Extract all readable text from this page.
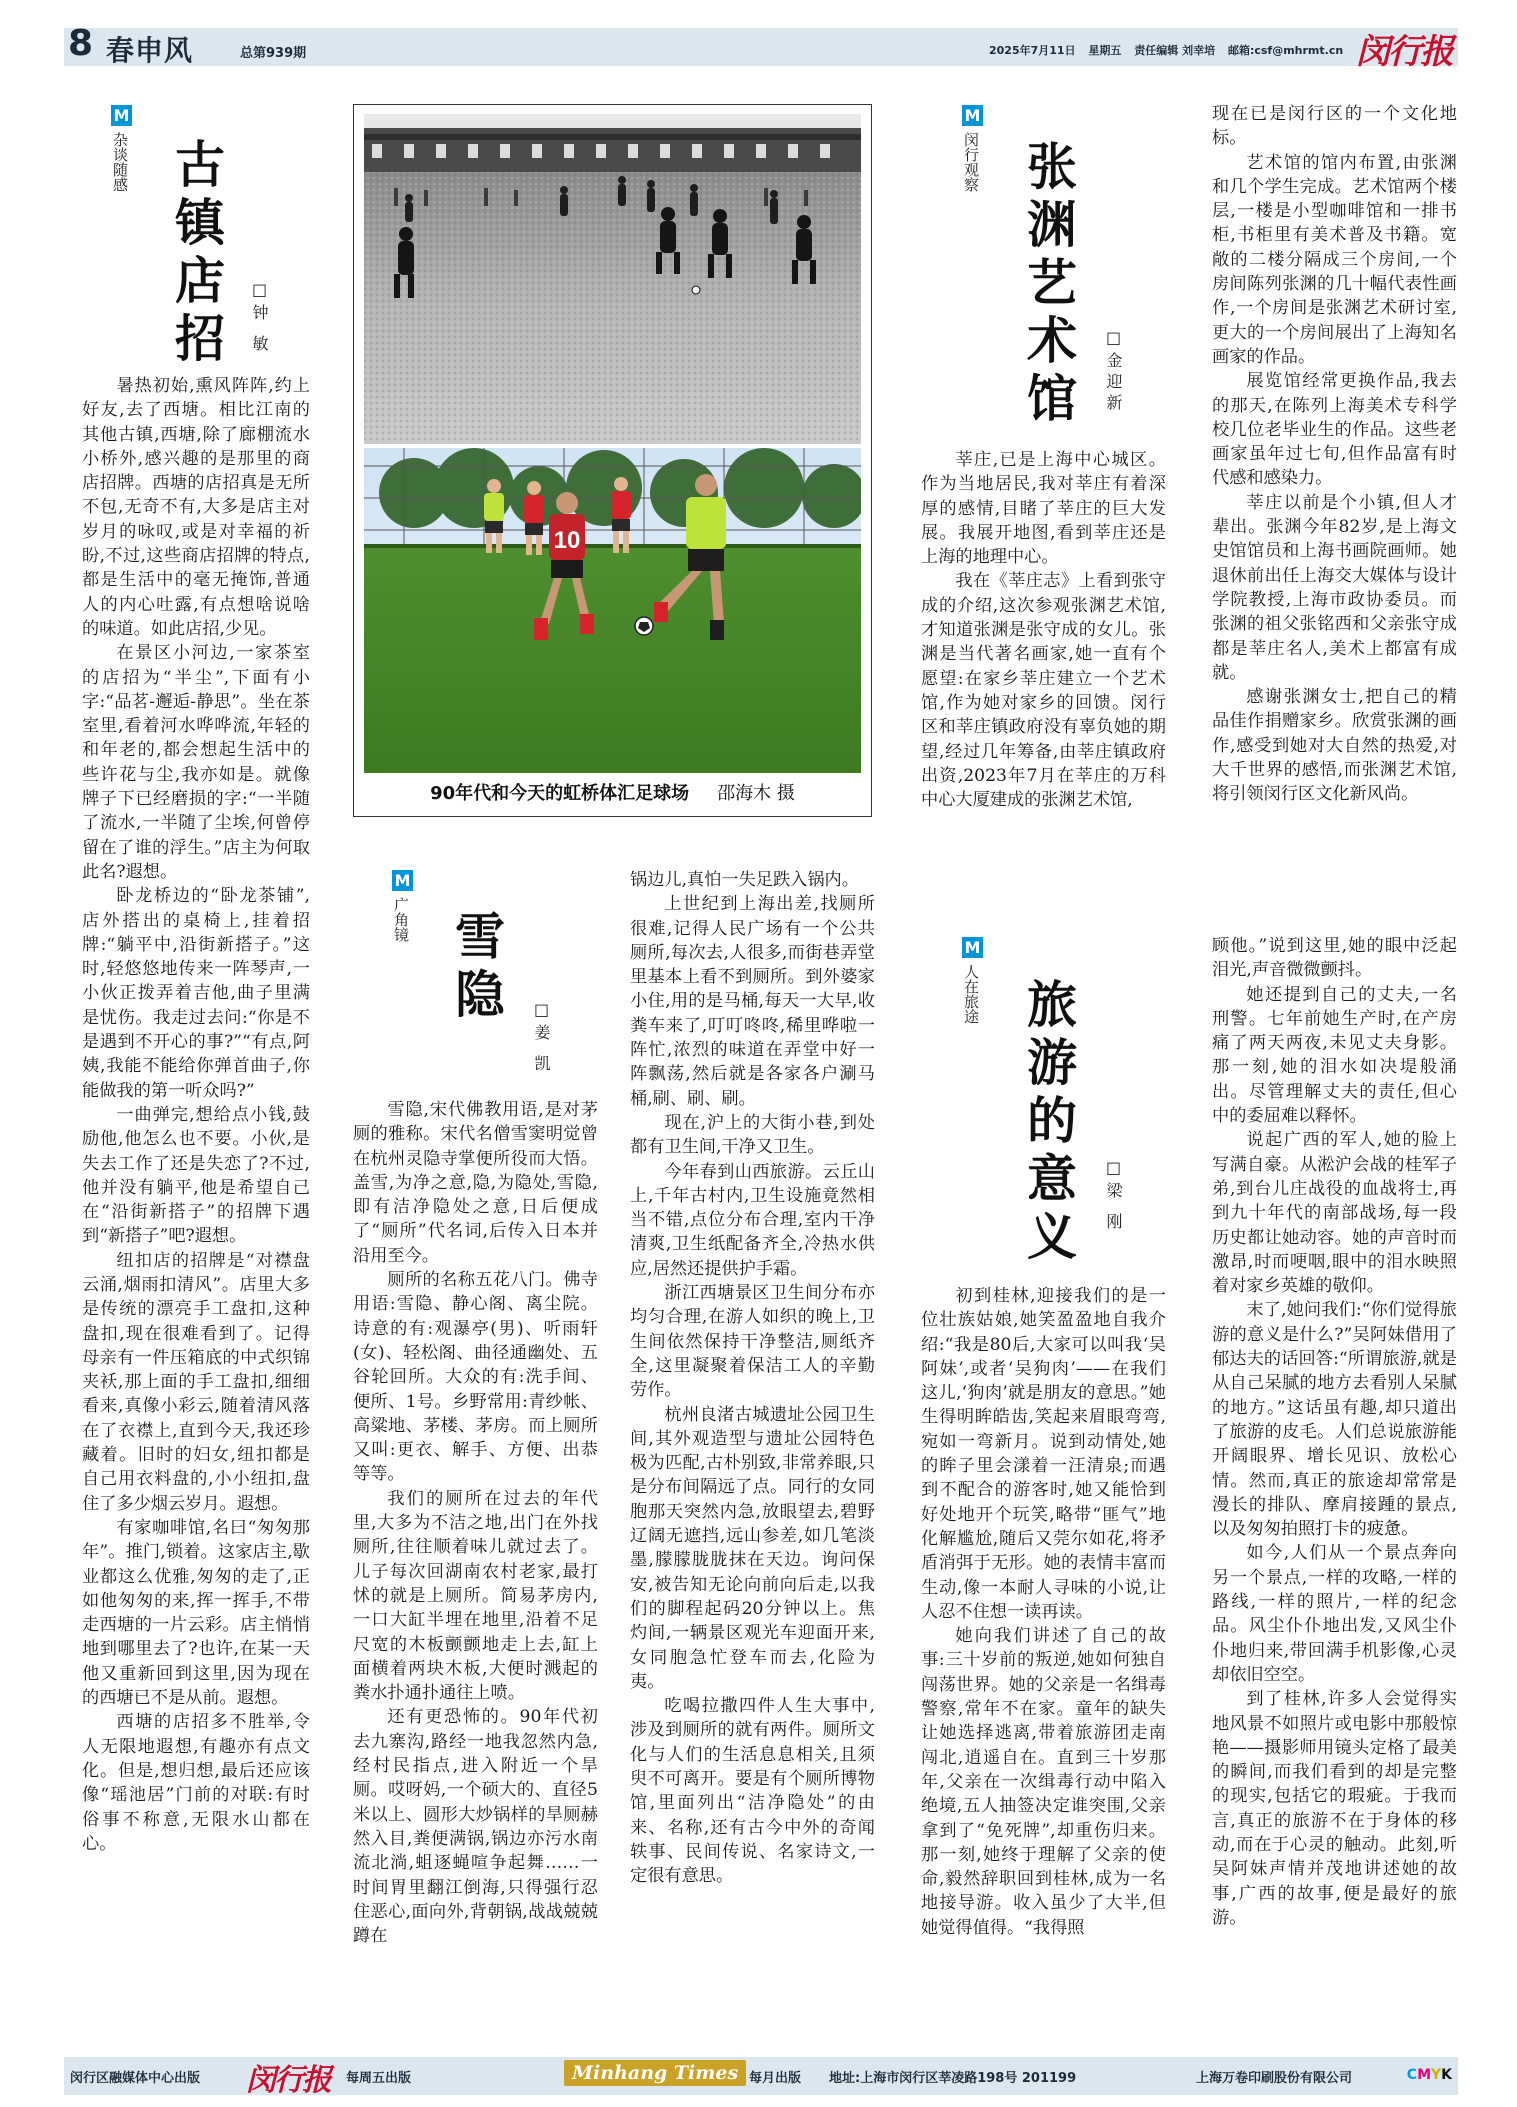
8 春申风	总第939期	2025年7月11日 星期五 责任编辑 刘幸培 邮箱:csf@mhrmt.cn 闵行报
M
杂谈随感 古镇店招	□钟 敏

暑热初始,熏风阵阵,约上好友,去了西塘。相比江南的其他古镇,西塘,除了廊棚流水小桥外,感兴趣的是那里的商店招牌。西塘的店招真是无所不包,无奇不有,大多是店主对岁月的咏叹,或是对幸福的祈盼,不过,这些商店招牌的特点,都是生活中的毫无掩饰,普通人的内心吐露,有点想啥说啥的味道。如此店招,少见。

在景区小河边,一家茶室的店招为“半尘”,下面有小字:“品茗-邂逅-静思”。坐在茶室里,看着河水哗哗流,年轻的和年老的,都会想起生活中的些许花与尘,我亦如是。就像牌子下已经磨损的字:“一半随了流水,一半随了尘埃,何曾停留在了谁的浮生。”店主为何取此名?遐想。

卧龙桥边的“卧龙茶铺”,店外搭出的桌椅上,挂着招牌:“躺平中,沿街新搭子。”这时,轻悠悠地传来一阵琴声,一小伙正拨弄着吉他,曲子里满是忧伤。我走过去问:“你是不是遇到不开心的事?”“有点,阿姨,我能不能给你弹首曲子,你能做我的第一听众吗?”

一曲弹完,想给点小钱,鼓励他,他怎么也不要。小伙,是失去工作了还是失恋了?不过,他并没有躺平,他是希望自己在“沿街新搭子”的招牌下遇到“新搭子”吧?遐想。

纽扣店的招牌是“对襟盘云涌,烟雨扣清风”。店里大多是传统的漂亮手工盘扣,这种盘扣,现在很难看到了。记得母亲有一件压箱底的中式织锦夹袄,那上面的手工盘扣,细细看来,真像小彩云,随着清风落在了衣襟上,直到今天,我还珍藏着。旧时的妇女,纽扣都是自己用衣料盘的,小小纽扣,盘住了多少烟云岁月。遐想。

有家咖啡馆,名曰“匆匆那年”。推门,锁着。这家店主,歇业都这么优雅,匆匆的走了,正如他匆匆的来,挥一挥手,不带走西塘的一片云彩。店主悄悄地到哪里去了?也许,在某一天他又重新回到这里,因为现在的西塘已不是从前。遐想。

西塘的店招多不胜举,令人无限地遐想,有趣亦有点文化。但是,想归想,最后还应该像“瑶池居”门前的对联:有时俗事不称意,无限水山都在心。

10
90年代和今天的虹桥体汇足球场 邵海木 摄
M
广角镜 雪隐
□姜 凯

雪隐,宋代佛教用语,是对茅厕的雅称。宋代名僧雪窦明觉曾在杭州灵隐寺掌便所役而大悟。盖雪,为净之意,隐,为隐处,雪隐,即有洁净隐处之意,日后便成了“厕所”代名词,后传入日本并沿用至今。

厕所的名称五花八门。佛寺用语:雪隐、静心阁、离尘院。诗意的有:观瀑亭(男)、听雨轩(女)、轻松阁、曲径通幽处、五谷轮回所。大众的有:洗手间、便所、1号。乡野常用:青纱帐、高粱地、茅楼、茅房。而上厕所又叫:更衣、解手、方便、出恭等等。

我们的厕所在过去的年代里,大多为不洁之地,出门在外找厕所,往往顺着味儿就过去了。儿子每次回湖南农村老家,最打怵的就是上厕所。简易茅房内,一口大缸半埋在地里,沿着不足尺宽的木板颤颤地走上去,缸上面横着两块木板,大便时溅起的粪水扑通扑通往上喷。

还有更恐怖的。90年代初去九寨沟,路经一地我忽然内急,经村民指点,进入附近一个旱厕。哎呀妈,一个硕大的、直径5米以上、圆形大炒锅样的旱厕赫然入目,粪便满锅,锅边亦污水南流北淌,蛆逐蝇喧争起舞……一时间胃里翻江倒海,只得强行忍住恶心,面向外,背朝锅,战战兢兢蹲在

锅边儿,真怕一失足跌入锅内。

上世纪到上海出差,找厕所很难,记得人民广场有一个公共厕所,每次去,人很多,而街巷弄堂里基本上看不到厕所。到外婆家小住,用的是马桶,每天一大早,收粪车来了,叮叮咚咚,稀里哗啦一阵忙,浓烈的味道在弄堂中好一阵飘荡,然后就是各家各户涮马桶,刷、刷、刷。

现在,沪上的大街小巷,到处都有卫生间,干净又卫生。

今年春到山西旅游。云丘山上,千年古村内,卫生设施竟然相当不错,点位分布合理,室内干净清爽,卫生纸配备齐全,冷热水供应,居然还提供护手霜。

浙江西塘景区卫生间分布亦均匀合理,在游人如织的晚上,卫生间依然保持干净整洁,厕纸齐全,这里凝聚着保洁工人的辛勤劳作。

杭州良渚古城遗址公园卫生间,其外观造型与遗址公园特色极为匹配,古朴别致,非常养眼,只是分布间隔远了点。同行的女同胞那天突然内急,放眼望去,碧野辽阔无遮挡,远山参差,如几笔淡墨,朦朦胧胧抹在天边。询问保安,被告知无论向前向后走,以我们的脚程起码20分钟以上。焦灼间,一辆景区观光车迎面开来,女同胞急忙登车而去,化险为夷。

吃喝拉撒四件人生大事中,涉及到厕所的就有两件。厕所文化与人们的生活息息相关,且须臾不可离开。要是有个厕所博物馆,里面列出“洁净隐处”的由来、名称,还有古今中外的奇闻轶事、民间传说、名家诗文,一定很有意思。

M
闵行观察 张渊艺术馆	□金迎新

莘庄,已是上海中心城区。作为当地居民,我对莘庄有着深厚的感情,目睹了莘庄的巨大发展。我展开地图,看到莘庄还是上海的地理中心。

我在《莘庄志》上看到张守成的介绍,这次参观张渊艺术馆,才知道张渊是张守成的女儿。张渊是当代著名画家,她一直有个愿望:在家乡莘庄建立一个艺术馆,作为她对家乡的回馈。闵行区和莘庄镇政府没有辜负她的期望,经过几年筹备,由莘庄镇政府出资,2023年7月在莘庄的万科中心大厦建成的张渊艺术馆,

现在已是闵行区的一个文化地标。

艺术馆的馆内布置,由张渊和几个学生完成。艺术馆两个楼层,一楼是小型咖啡馆和一排书柜,书柜里有美术普及书籍。宽敞的二楼分隔成三个房间,一个房间陈列张渊的几十幅代表性画作,一个房间是张渊艺术研讨室,更大的一个房间展出了上海知名画家的作品。

展览馆经常更换作品,我去的那天,在陈列上海美术专科学校几位老毕业生的作品。这些老画家虽年过七旬,但作品富有时代感和感染力。

莘庄以前是个小镇,但人才辈出。张渊今年82岁,是上海文史馆馆员和上海书画院画师。她退休前出任上海交大媒体与设计学院教授,上海市政协委员。而张渊的祖父张铭西和父亲张守成都是莘庄名人,美术上都富有成就。

感谢张渊女士,把自己的精品佳作捐赠家乡。欣赏张渊的画作,感受到她对大自然的热爱,对大千世界的感悟,而张渊艺术馆,将引领闵行区文化新风尚。

M
人在旅途 旅游的意义	□梁 刚

初到桂林,迎接我们的是一位壮族姑娘,她笑盈盈地自我介绍:“我是80后,大家可以叫我‘吴阿妹’,或者‘吴狗肉’——在我们这儿,‘狗肉’就是朋友的意思。”她生得明眸皓齿,笑起来眉眼弯弯,宛如一弯新月。说到动情处,她的眸子里会漾着一汪清泉;而遇到不配合的游客时,她又能恰到好处地开个玩笑,略带“匪气”地化解尴尬,随后又莞尔如花,将矛盾消弭于无形。她的表情丰富而生动,像一本耐人寻味的小说,让人忍不住想一读再读。

她向我们讲述了自己的故事:三十岁前的叛逆,她如何独自闯荡世界。她的父亲是一名缉毒警察,常年不在家。童年的缺失让她选择逃离,带着旅游团走南闯北,逍遥自在。直到三十岁那年,父亲在一次缉毒行动中陷入绝境,五人抽签决定谁突围,父亲拿到了“免死牌”,却重伤归来。那一刻,她终于理解了父亲的使命,毅然辞职回到桂林,成为一名地接导游。收入虽少了大半,但她觉得值得。“我得照

顾他。”说到这里,她的眼中泛起泪光,声音微微颤抖。

她还提到自己的丈夫,一名刑警。七年前她生产时,在产房痛了两天两夜,未见丈夫身影。那一刻,她的泪水如决堤般涌出。尽管理解丈夫的责任,但心中的委屈难以释怀。

说起广西的军人,她的脸上写满自豪。从淞沪会战的桂军子弟,到台儿庄战役的血战将士,再到九十年代的南部战场,每一段历史都让她动容。她的声音时而激昂,时而哽咽,眼中的泪水映照着对家乡英雄的敬仰。

末了,她问我们:“你们觉得旅游的意义是什么?”吴阿妹借用了郁达夫的话回答:“所谓旅游,就是从自己呆腻的地方去看别人呆腻的地方。”这话虽有趣,却只道出了旅游的皮毛。人们总说旅游能开阔眼界、增长见识、放松心情。然而,真正的旅途却常常是漫长的排队、摩肩接踵的景点,以及匆匆拍照打卡的疲惫。

如今,人们从一个景点奔向另一个景点,一样的攻略,一样的路线,一样的照片,一样的纪念品。风尘仆仆地出发,又风尘仆仆地归来,带回满手机影像,心灵却依旧空空。

到了桂林,许多人会觉得实地风景不如照片或电影中那般惊艳——摄影师用镜头定格了最美的瞬间,而我们看到的却是完整的现实,包括它的瑕疵。于我而言,真正的旅游不在于身体的移动,而在于心灵的触动。此刻,听吴阿妹声情并茂地讲述她的故事,广西的故事,便是最好的旅游。

闵行区融媒体中心出版 闵行报 每周五出版	Minhang Times 每月出版 地址:上海市闵行区莘凌路198号 201199	上海万卷印刷股份有限公司	CMYK
